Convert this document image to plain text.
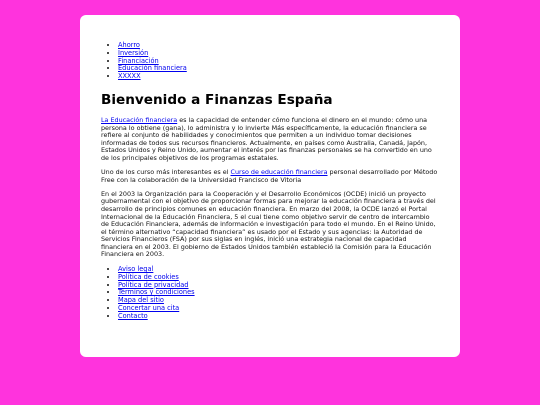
• Ahorro
• Inversión
• Financiación
• Educación financiera
• XXXXX
Bienvenido a Finanzas España

La Educación financiera es la capacidad de entender cómo funciona el dinero en el mundo: cómo una persona lo obtiene (gana), lo administra y lo invierte Más específicamente, la educación financiera se refiere al conjunto de habilidades y conocimientos que permiten a un individuo tomar decisiones informadas de todos sus recursos financieros. Actualmente, en países como Australia, Canadá, Japón, Estados Unidos y Reino Unido, aumentar el interés por las finanzas personales se ha convertido en uno de los principales objetivos de los programas estatales.

Uno de los curso más interesantes es el Curso de educación financiera personal desarrollado por Método Free con la colaboración de la Universidad Francisco de Vitoria

En el 2003 la Organización para la Cooperación y el Desarrollo Económicos (OCDE) inició un proyecto gubernamental con el objetivo de proporcionar formas para mejorar la educación financiera a través del desarrollo de principios comunes en educación financiera. En marzo del 2008, la OCDE lanzó el Portal Internacional de la Educación Financiera, 5 el cual tiene como objetivo servir de centro de intercambio de Educación Financiera, además de información e investigación para todo el mundo. En el Reino Unido, el término alternativo “capacidad financiera” es usado por el Estado y sus agencias: la Autoridad de Servicios Financieros (FSA) por sus siglas en inglés, inició una estrategia nacional de capacidad financiera en el 2003. El gobierno de Estados Unidos también estableció la Comisión para la Educación Financiera en 2003.

• Aviso legal
• Política de cookies
• Política de privacidad
• Términos y condiciones
• Mapa del sitio
• Concertar una cita
• Contacto
